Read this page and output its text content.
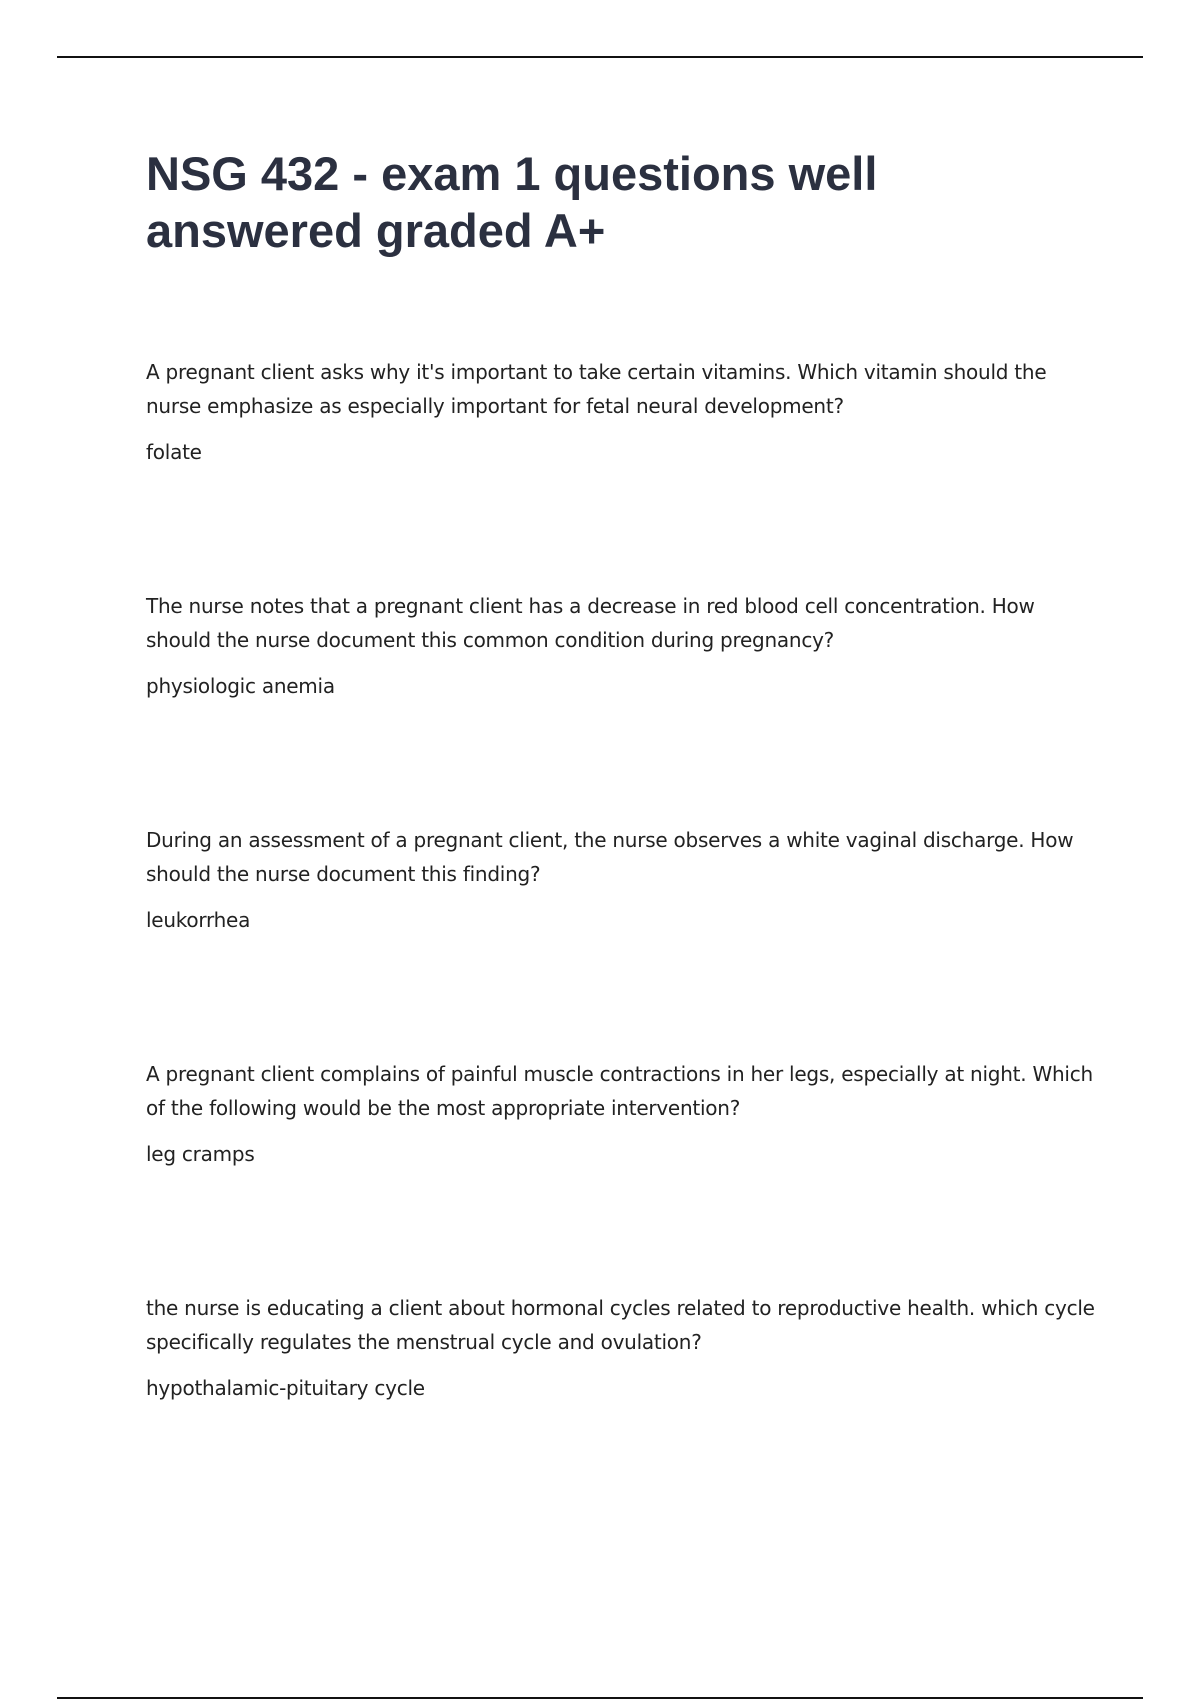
NSG 432 - exam 1 questions well answered graded A+

A pregnant client asks why it's important to take certain vitamins. Which vitamin should the nurse emphasize as especially important for fetal neural development?

folate

The nurse notes that a pregnant client has a decrease in red blood cell concentration. How should the nurse document this common condition during pregnancy?

physiologic anemia

During an assessment of a pregnant client, the nurse observes a white vaginal discharge. How should the nurse document this finding?

leukorrhea

A pregnant client complains of painful muscle contractions in her legs, especially at night. Which of the following would be the most appropriate intervention?

leg cramps

the nurse is educating a client about hormonal cycles related to reproductive health. which cycle specifically regulates the menstrual cycle and ovulation?

hypothalamic-pituitary cycle
